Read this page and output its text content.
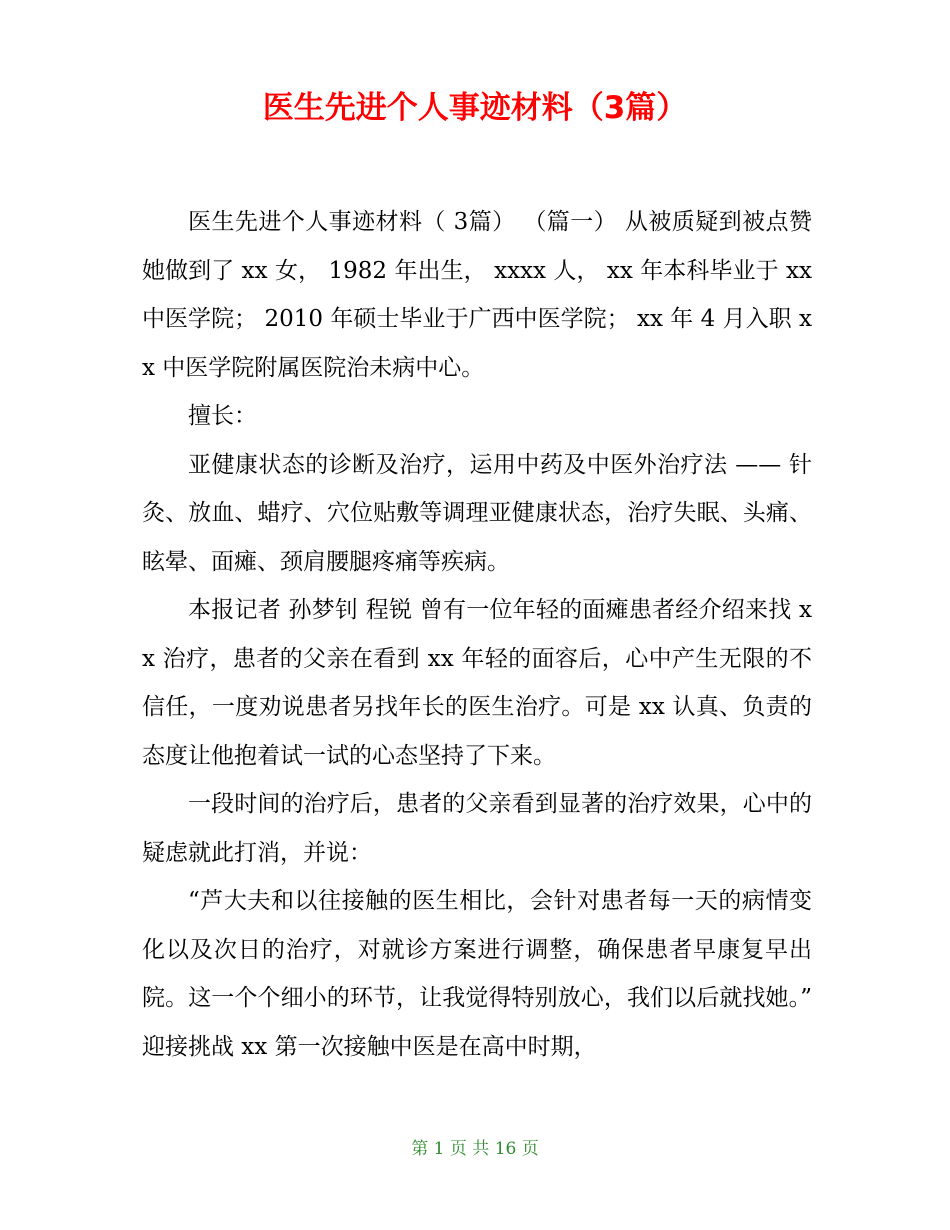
医生先进个人事迹材料（3篇）

医生先进个人事迹材料（ 3篇） （篇一） 从被质疑到被点赞 她做到了 xx 女， 1982 年出生， xxxx 人， xx 年本科毕业于 xx 中医学院； 2010 年硕士毕业于广西中医学院； xx 年 4 月入职 xx 中医学院附属医院治未病中心。

擅长：

亚健康状态的诊断及治疗，运用中药及中医外治疗法 —— 针灸、放血、蜡疗、穴位贴敷等调理亚健康状态，治疗失眠、头痛、眩晕、面瘫、颈肩腰腿疼痛等疾病。

本报记者 孙梦钊 程锐 曾有一位年轻的面瘫患者经介绍来找 xx 治疗，患者的父亲在看到 xx 年轻的面容后，心中产生无限的不信任，一度劝说患者另找年长的医生治疗。可是 xx 认真、负责的态度让他抱着试一试的心态坚持了下来。

一段时间的治疗后，患者的父亲看到显著的治疗效果，心中的疑虑就此打消，并说：

“芦大夫和以往接触的医生相比，会针对患者每一天的病情变化以及次日的治疗，对就诊方案进行调整，确保患者早康复早出院。这一个个细小的环节，让我觉得特别放心，我们以后就找她。” 迎接挑战 xx 第一次接触中医是在高中时期，

第 1 页 共 16 页
